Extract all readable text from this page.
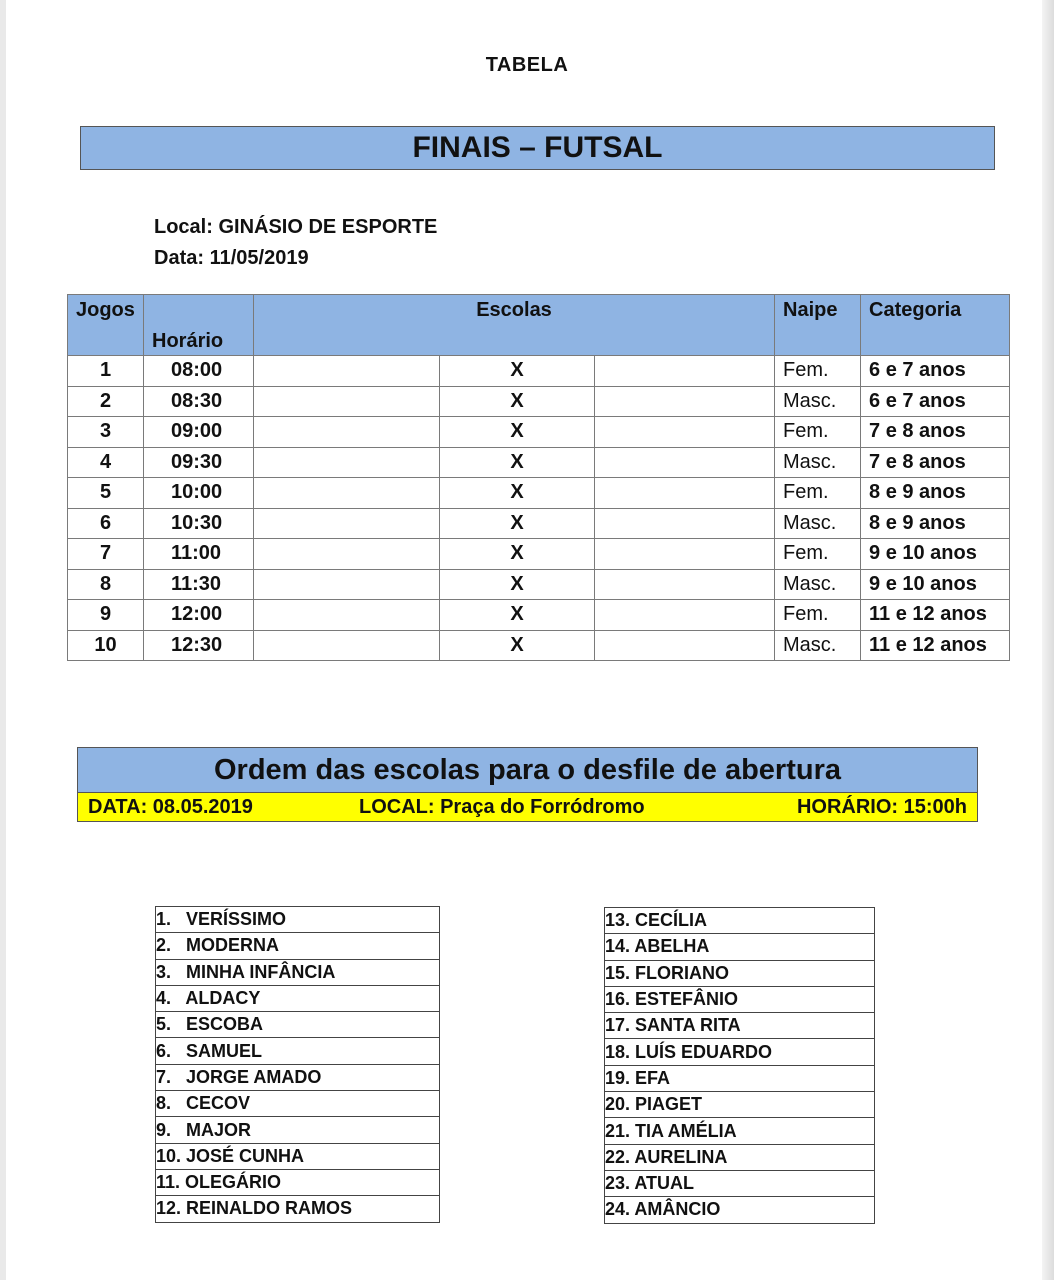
TABELA
FINAIS – FUTSAL
Local: GINÁSIO DE ESPORTE
Data: 11/05/2019
Jogos	Horário	Escolas			Naipe	Categoria

1	08:00		X		Fem.	6 e 7 anos
2	08:30		X		Masc.	6 e 7 anos
3	09:00		X		Fem.	7 e 8 anos
4	09:30		X		Masc.	7 e 8 anos
5	10:00		X		Fem.	8 e 9 anos
6	10:30		X		Masc.	8 e 9 anos
7	11:00		X		Fem.	9 e 10 anos
8	11:30		X		Masc.	9 e 10 anos
9	12:00		X		Fem.	11 e 12 anos
10	12:30		X		Masc.	11 e 12 anos
Ordem das escolas para o desfile de abertura
DATA: 08.05.2019	LOCAL: Praça do Forródromo	HORÁRIO: 15:00h
1.   VERÍSSIMO
2.   MODERNA
3.   MINHA INFÂNCIA
4.   ALDACY
5.   ESCOBA
6.   SAMUEL
7.   JORGE AMADO
8.   CECOV
9.   MAJOR
10. JOSÉ CUNHA
11. OLEGÁRIO
12. REINALDO RAMOS
13. CECÍLIA
14. ABELHA
15. FLORIANO
16. ESTEFÂNIO
17. SANTA RITA
18. LUÍS EDUARDO
19. EFA
20. PIAGET
21. TIA AMÉLIA
22. AURELINA
23. ATUAL
24. AMÂNCIO
